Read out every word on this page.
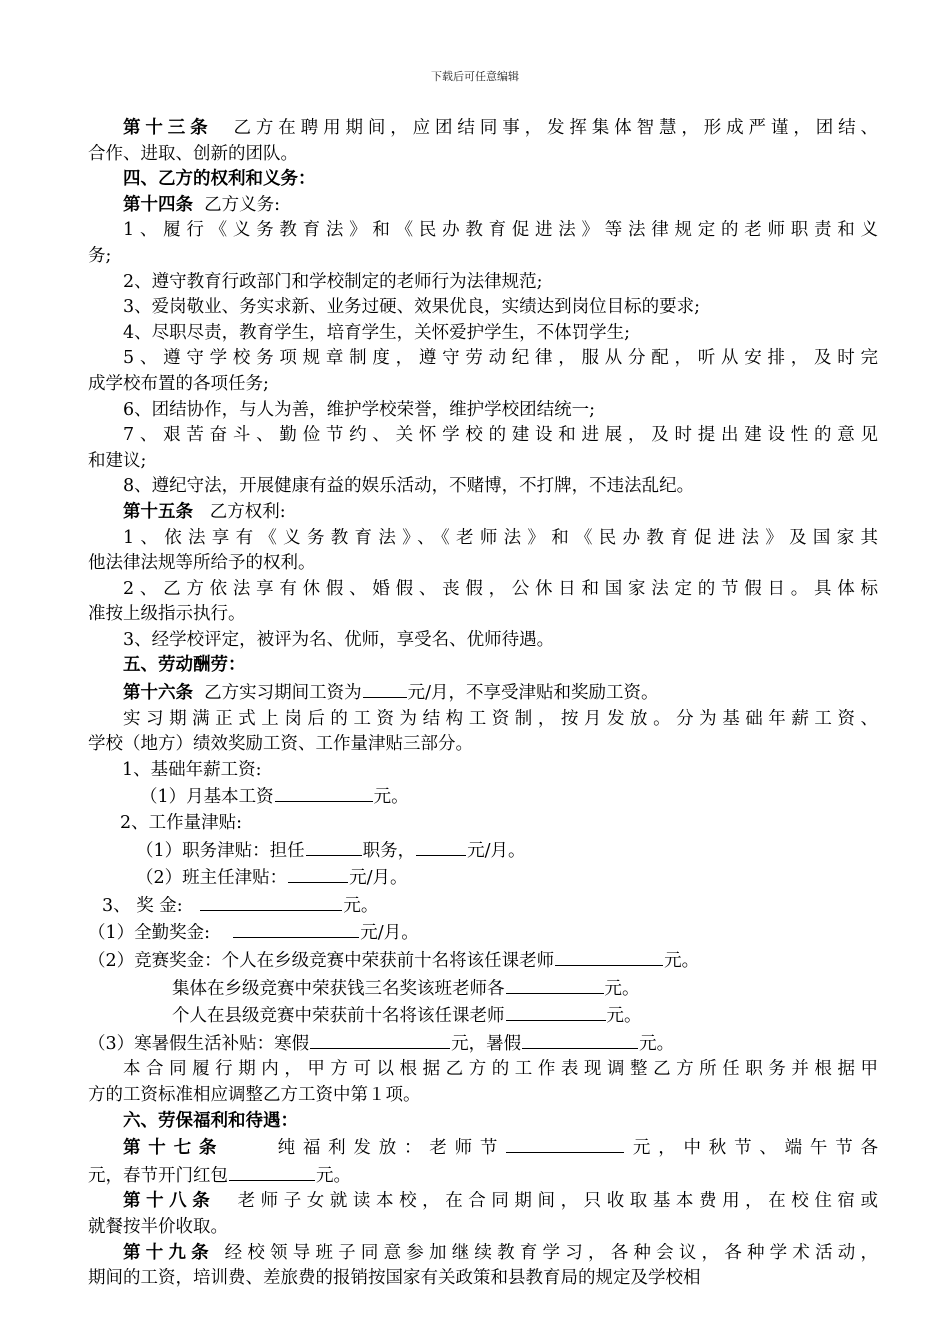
下载后可任意编辑

第十三条 乙方在聘用期间，应团结同事，发挥集体智慧，形成严谨，团结、

合作、进取、创新的团队。

四、乙方的权利和义务：

第十四条 乙方义务:

1、履行《义务教育法》和《民办教育促进法》等法律规定的老师职责和义

务;

2、遵守教育行政部门和学校制定的老师行为法律规范;

3、爱岗敬业、务实求新、业务过硬、效果优良，实绩达到岗位目标的要求;

4、尽职尽责，教育学生，培育学生，关怀爱护学生，不体罚学生;

5、遵守学校务项规章制度，遵守劳动纪律，服从分配，听从安排，及时完

成学校布置的各项任务;

6、团结协作，与人为善，维护学校荣誉，维护学校团结统一;

7、艰苦奋斗、勤俭节约、关怀学校的建设和进展，及时提出建设性的意见

和建议;

8、遵纪守法，开展健康有益的娱乐活动，不赌博，不打牌，不违法乱纪。

第十五条 乙方权利:

1、依法享有《义务教育法》、《老师法》和《民办教育促进法》及国家其

他法律法规等所给予的权利。

2、乙方依法享有休假、婚假、丧假，公休日和国家法定的节假日。具体标

准按上级指示执行。

3、经学校评定，被评为名、优师，享受名、优师待遇。

五、劳动酬劳：

第十六条 乙方实习期间工资为	元/月，不享受津贴和奖励工资。

实习期满正式上岗后的工资为结构工资制，按月发放。分为基础年薪工资、

学校（地方）绩效奖励工资、工作量津贴三部分。

1、基础年薪工资:

（1）月基本工资	元。

2、工作量津贴:

（1）职务津贴：担任	职务，	元/月。

（2）班主任津贴：	元/月。

3、 奖 金:	元。

（1）全勤奖金:	元/月。

（2）竞赛奖金：个人在乡级竞赛中荣获前十名将该任课老师	元。

集体在乡级竞赛中荣获钱三名奖该班老师各	元。

个人在县级竞赛中荣获前十名将该任课老师	元。

（3）寒暑假生活补贴：寒假	元，暑假	元。

本合同履行期内，甲方可以根据乙方的工作表现调整乙方所任职务并根据甲

方的工资标准相应调整乙方工资中第１项。

六、劳保福利和待遇：

第十七条	纯福利发放：老师节	元，中秋节、端午节各

元，春节开门红包	元。

第十八条 老师子女就读本校，在合同期间，只收取基本费用，在校住宿或

就餐按半价收取。

第十九条 经校领导班子同意参加继续教育学习，各种会议，各种学术活动，

期间的工资，培训费、差旅费的报销按国家有关政策和县教育局的规定及学校相
